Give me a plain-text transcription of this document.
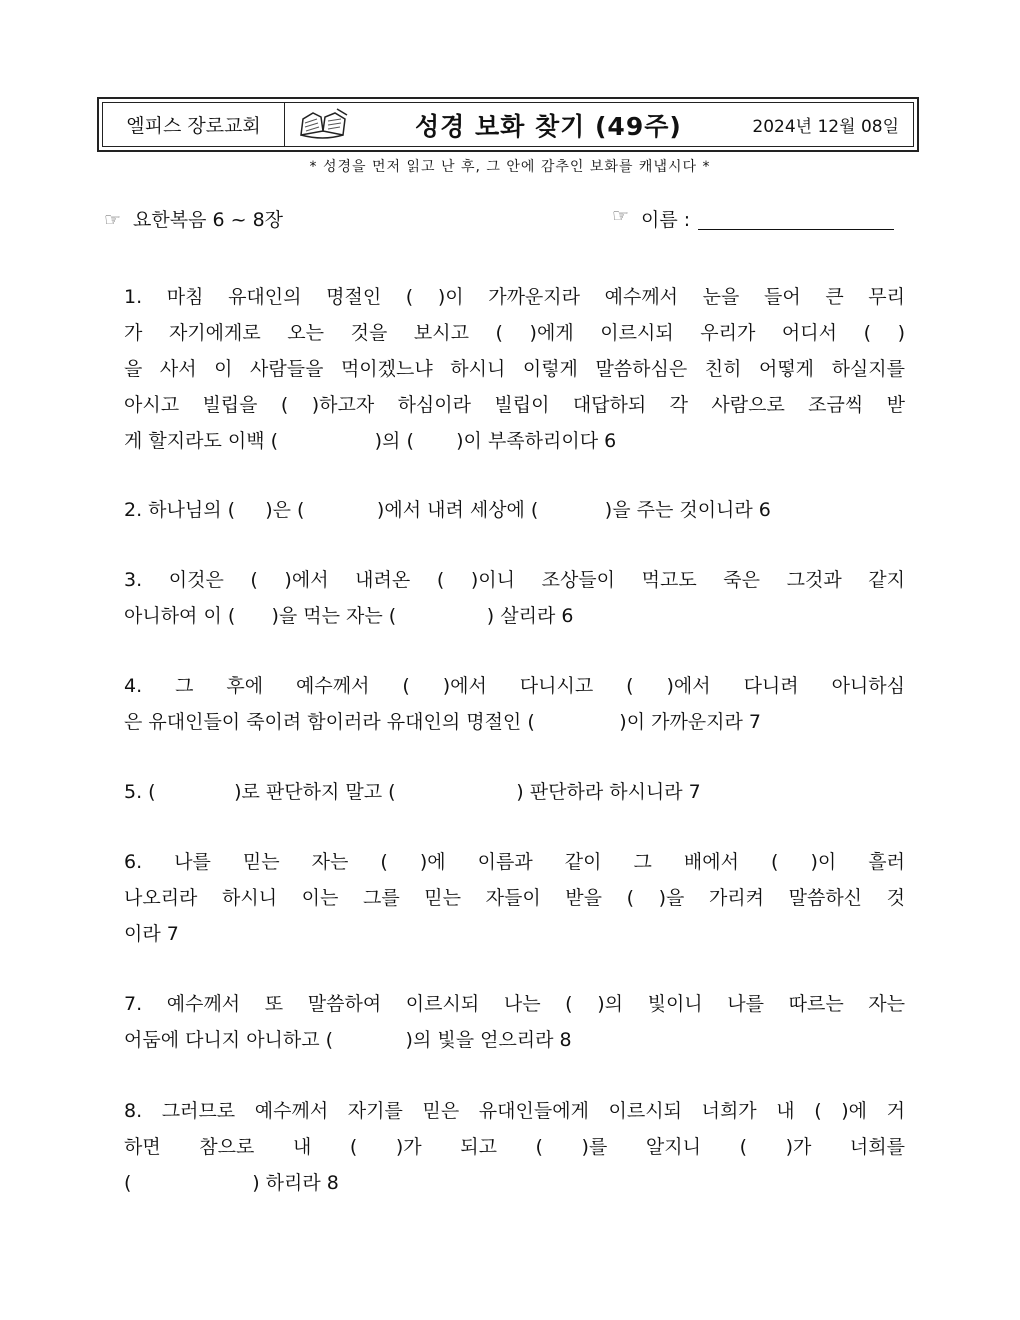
엘피스 장로교회	성경 보화 찾기 (49주)	2024년 12월 08일
* 성경을 먼저 읽고 난 후, 그 안에 감추인 보화를 캐냅시다 *
☞ 요한복음 6 ~ 8장	☞ 이름 :
1. 마침 유대인의 명절인 ( )이 가까운지라 예수께서 눈을 들어 큰 무리
가 자기에게로 오는 것을 보시고 ( )에게 이르시되 우리가 어디서 ( )
을 사서 이 사람들을 먹이겠느냐 하시니 이렇게 말씀하심은 친히 어떻게 하실지를
아시고 빌립을 ( )하고자 하심이라 빌립이 대답하되 각 사람으로 조금씩 받
게 할지라도 이백 (                )의 (       )이 부족하리이다 6
2. 하나님의 (     )은 (            )에서 내려 세상에 (           )을 주는 것이니라 6
3. 이것은 ( )에서 내려온 ( )이니 조상들이 먹고도 죽은 그것과 같지
아니하여 이 (      )을 먹는 자는 (               ) 살리라 6
4. 그 후에 예수께서 ( )에서 다니시고 ( )에서 다니려 아니하심
은 유대인들이 죽이려 함이러라 유대인의 명절인 (              )이 가까운지라 7
5. (             )로 판단하지 말고 (                    ) 판단하라 하시니라 7
6. 나를 믿는 자는 ( )에 이름과 같이 그 배에서 ( )이 흘러
나오리라 하시니 이는 그를 믿는 자들이 받을 ( )을 가리켜 말씀하신 것
이라 7
7. 예수께서 또 말씀하여 이르시되 나는 ( )의 빛이니 나를 따르는 자는
어둠에 다니지 아니하고 (            )의 빛을 얻으리라 8
8. 그러므로 예수께서 자기를 믿은 유대인들에게 이르시되 너희가 내 ( )에 거
하면 참으로 내 ( )가 되고 ( )를 알지니 ( )가 너희를
(                    ) 하리라 8
